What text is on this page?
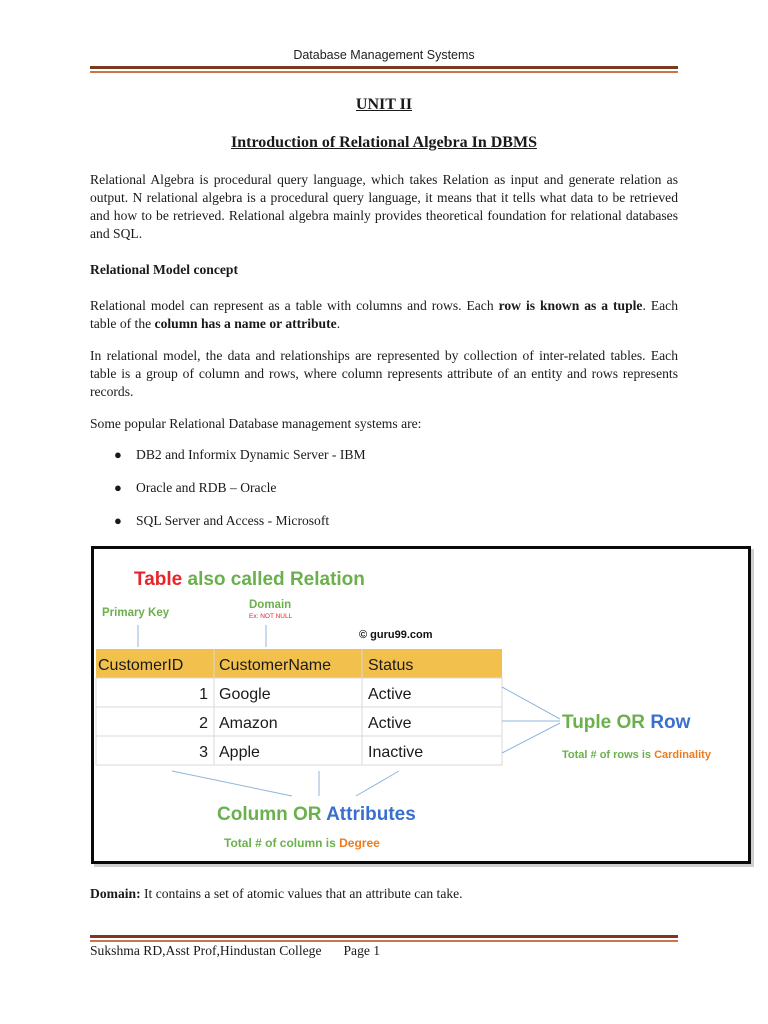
Database Management Systems
UNIT II
Introduction of Relational Algebra In DBMS

Relational Algebra is procedural query language, which takes Relation as input and generate relation as output. N relational algebra is a procedural query language, it means that it tells what data to be retrieved and how to be retrieved. Relational algebra mainly provides theoretical foundation for relational databases and SQL.

Relational Model concept

Relational model can represent as a table with columns and rows. Each row is known as a tuple. Each table of the column has a name or attribute.

In relational model, the data and relationships are represented by collection of inter-related tables. Each table is a group of column and rows, where column represents attribute of an entity and rows represents records.

Some popular Relational Database management systems are:

● DB2 and Informix Dynamic Server - IBM
● Oracle and RDB – Oracle
● SQL Server and Access - Microsoft
Table also called Relation
Primary Key
Domain
Ex: NOT NULL
© guru99.com
CustomerID CustomerName Status
1 Google	Active
2 Amazon	Active
3 Apple	Inactive
Tuple OR Row
Total # of rows is Cardinality
Column OR Attributes
Total # of column is Degree

Domain: It contains a set of atomic values that an attribute can take.

Sukshma RD,Asst Prof,Hindustan College Page 1
